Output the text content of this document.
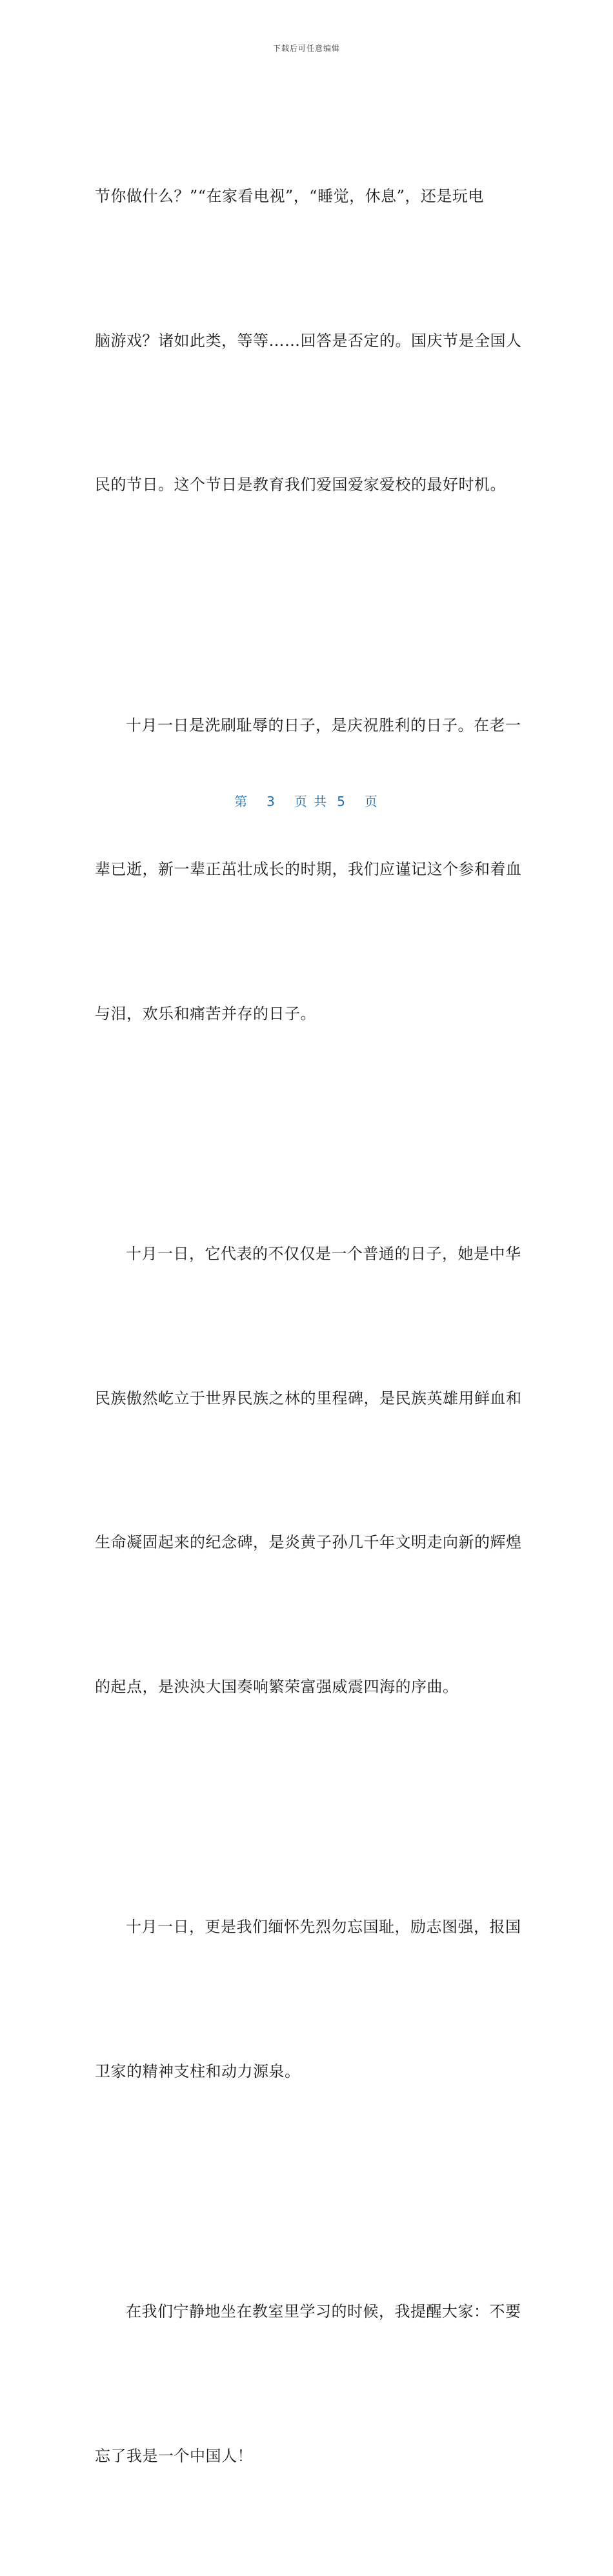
下载后可任意编辑

节你做什么？”“在家看电视”，“睡觉，休息”，还是玩电

脑游戏？诸如此类，等等……回答是否定的。国庆节是全国人

民的节日。这个节日是教育我们爱国爱家爱校的最好时机。

十月一日是洗刷耻辱的日子，是庆祝胜利的日子。在老一

辈已逝，新一辈正茁壮成长的时期，我们应谨记这个参和着血

与泪，欢乐和痛苦并存的日子。

十月一日，它代表的不仅仅是一个普通的日子，她是中华

民族傲然屹立于世界民族之林的里程碑，是民族英雄用鲜血和

生命凝固起来的纪念碑，是炎黄子孙几千年文明走向新的辉煌

的起点，是泱泱大国奏响繁荣富强威震四海的序曲。

十月一日，更是我们缅怀先烈勿忘国耻，励志图强，报国

卫家的精神支柱和动力源泉。

在我们宁静地坐在教室里学习的时候，我提醒大家：不要

忘了我是一个中国人！

第 3 页 共 5 页
